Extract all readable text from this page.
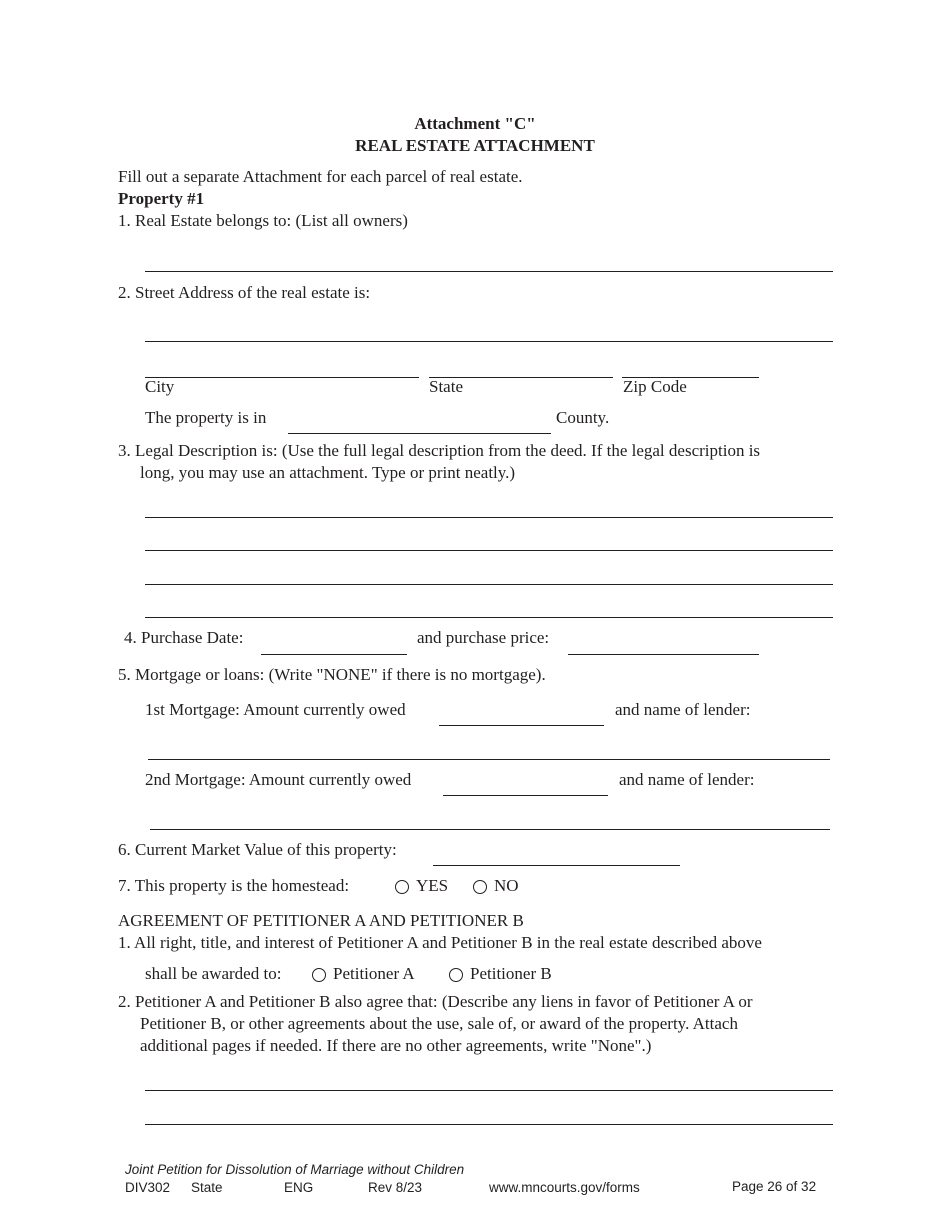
Attachment "C"
REAL ESTATE ATTACHMENT
Fill out a separate Attachment for each parcel of real estate.
Property #1
1. Real Estate belongs to: (List all owners)
2. Street Address of the real estate is:
City	State	Zip Code
The property is in	County.
3. Legal Description is: (Use the full legal description from the deed. If the legal description is
long, you may use an attachment. Type or print neatly.)
4. Purchase Date:	and purchase price:
5. Mortgage or loans: (Write "NONE" if there is no mortgage).
1st Mortgage: Amount currently owed	and name of lender:
2nd Mortgage: Amount currently owed	and name of lender:
6. Current Market Value of this property:
7. This property is the homestead:	YES	NO
AGREEMENT OF PETITIONER A AND PETITIONER B
1. All right, title, and interest of Petitioner A and Petitioner B in the real estate described above
shall be awarded to:	Petitioner A	Petitioner B
2. Petitioner A and Petitioner B also agree that: (Describe any liens in favor of Petitioner A or
Petitioner B, or other agreements about the use, sale of, or award of the property. Attach
additional pages if needed. If there are no other agreements, write "None".)
Joint Petition for Dissolution of Marriage without Children
DIV302 State	ENG	Rev 8/23	www.mncourts.gov/forms	Page 26 of 32
